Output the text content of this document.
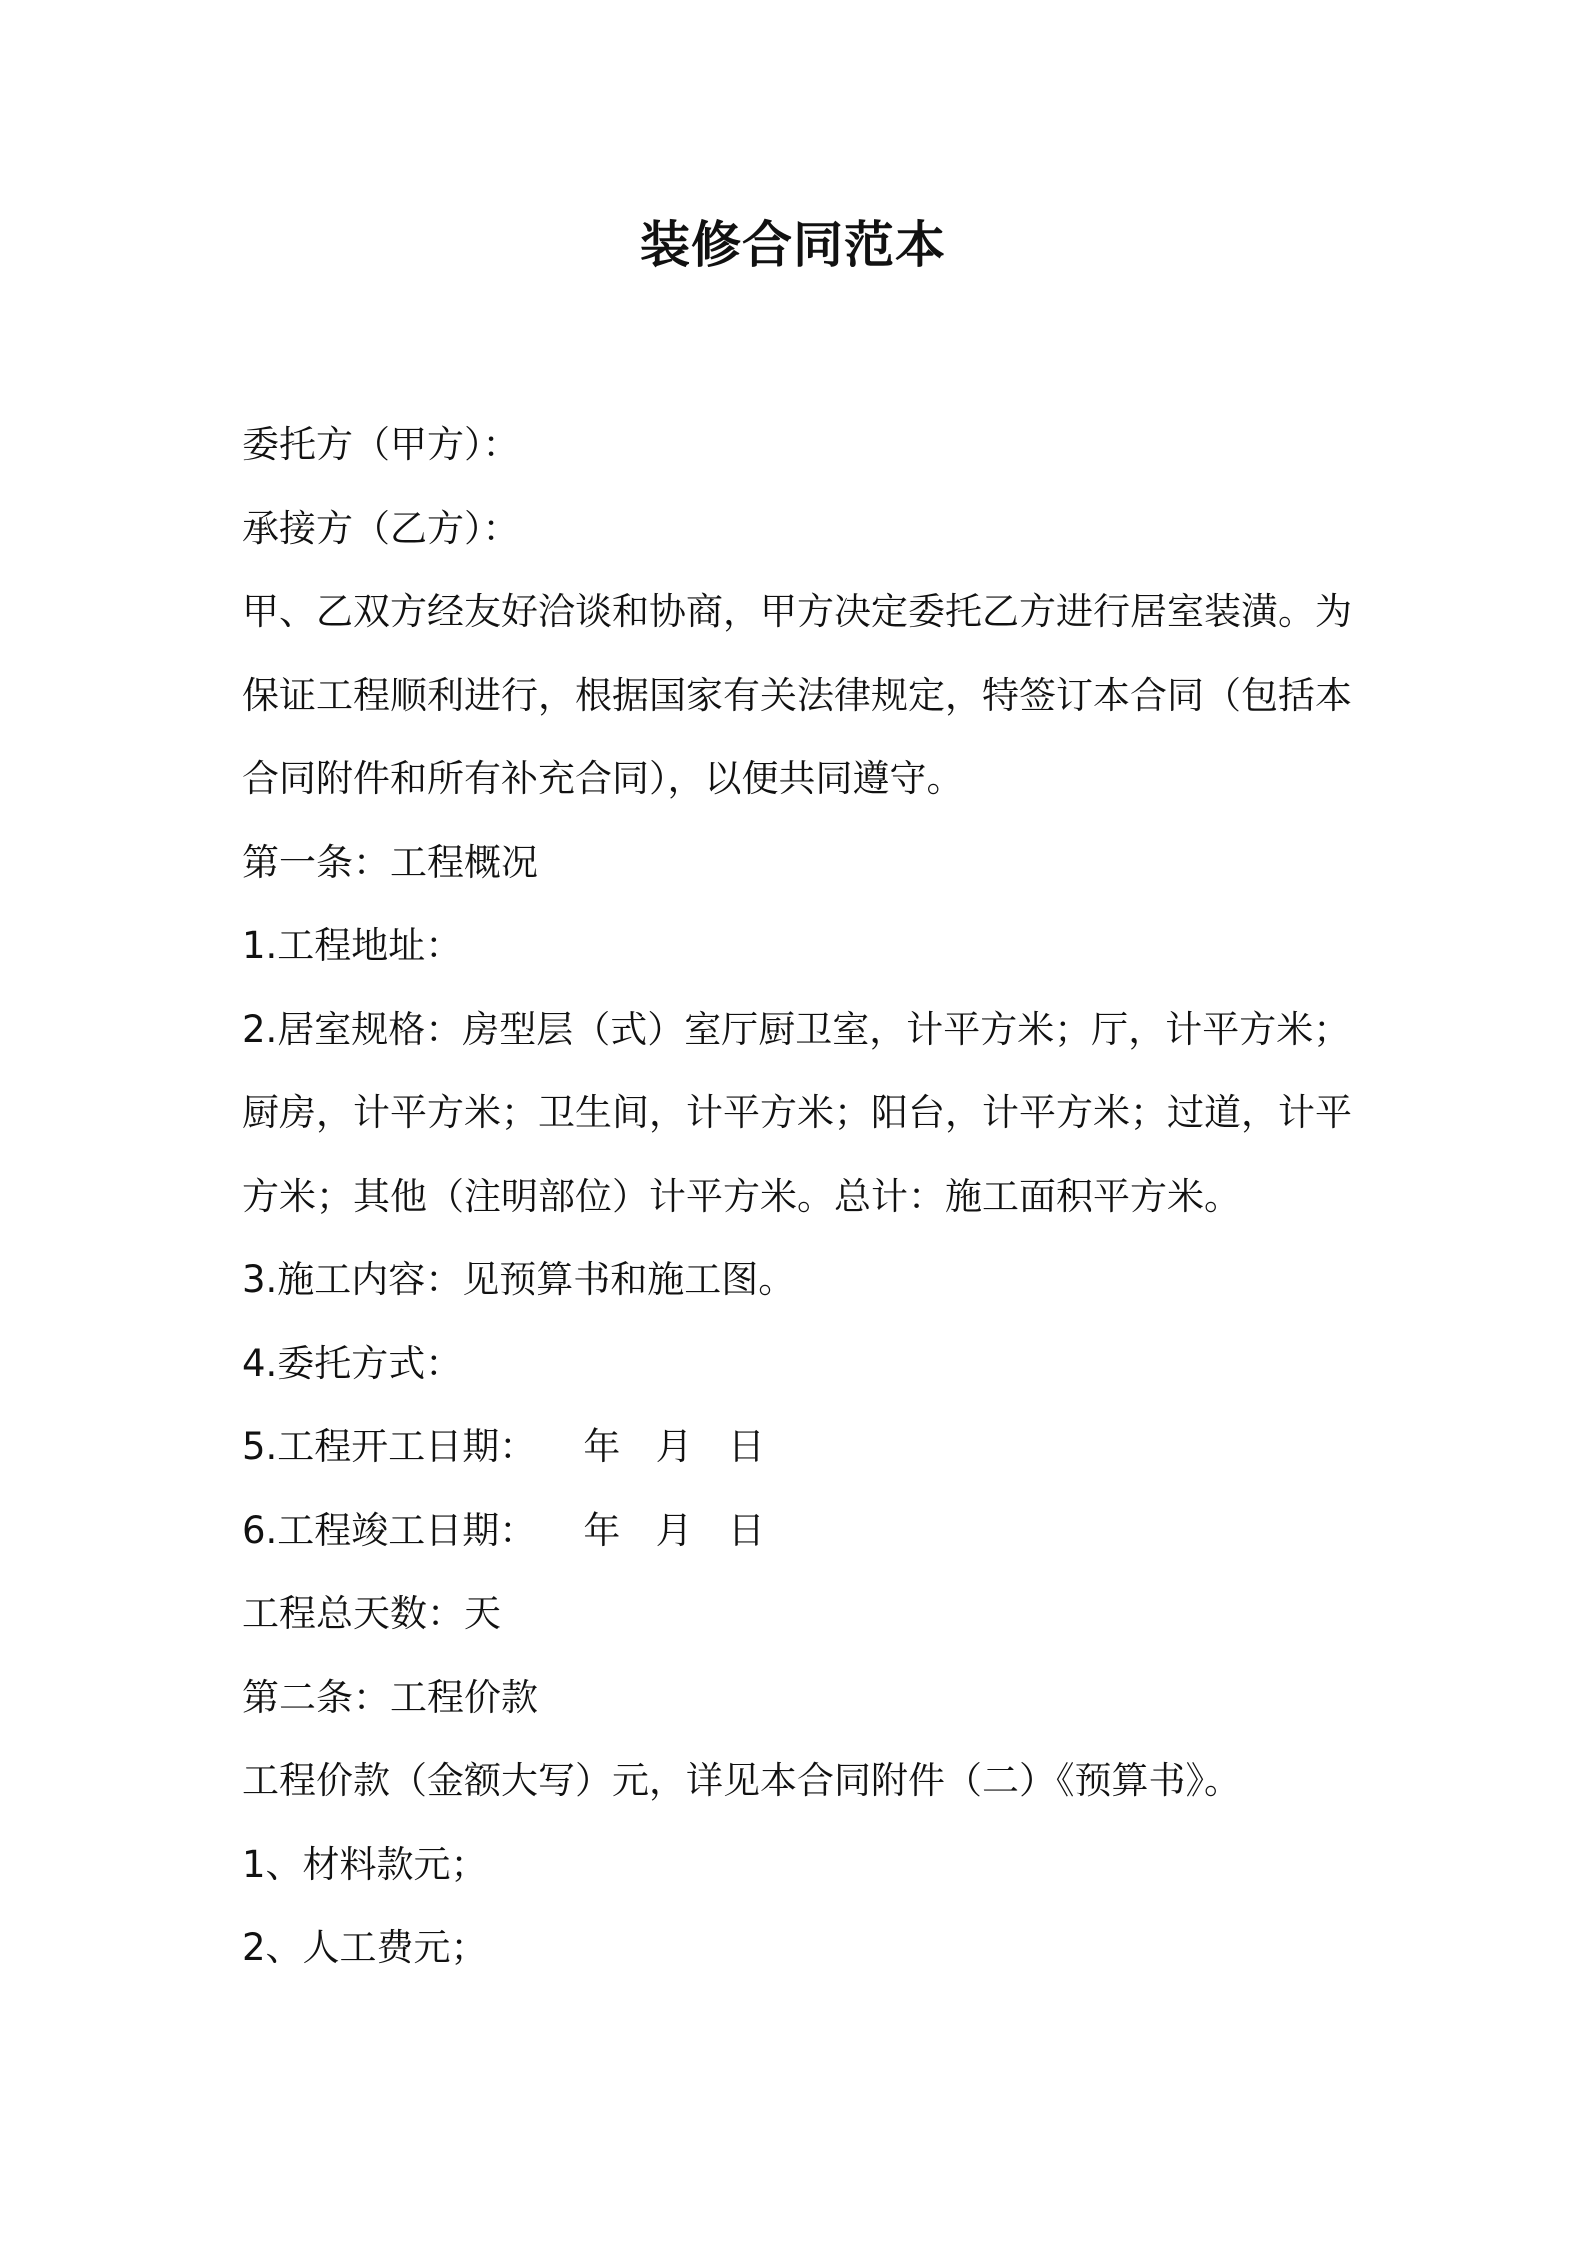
装修合同范本
委托方（甲方）：
承接方（乙方）：
甲、乙双方经友好洽谈和协商，甲方决定委托乙方进行居室装潢。为
保证工程顺利进行，根据国家有关法律规定，特签订本合同（包括本
合同附件和所有补充合同），以便共同遵守。
第一条：工程概况
1.工程地址：
2.居室规格：房型层（式）室厅厨卫室，计平方米；厅，计平方米；
厨房，计平方米；卫生间，计平方米；阳台，计平方米；过道，计平
方米；其他（注明部位）计平方米。总计：施工面积平方米。
3.施工内容：见预算书和施工图。
4.委托方式：
5.工程开工日期：    年   月   日
6.工程竣工日期：    年   月   日
工程总天数：天
第二条：工程价款
工程价款（金额大写）元，详见本合同附件（二）《预算书》。
1、材料款元；
2、人工费元；
